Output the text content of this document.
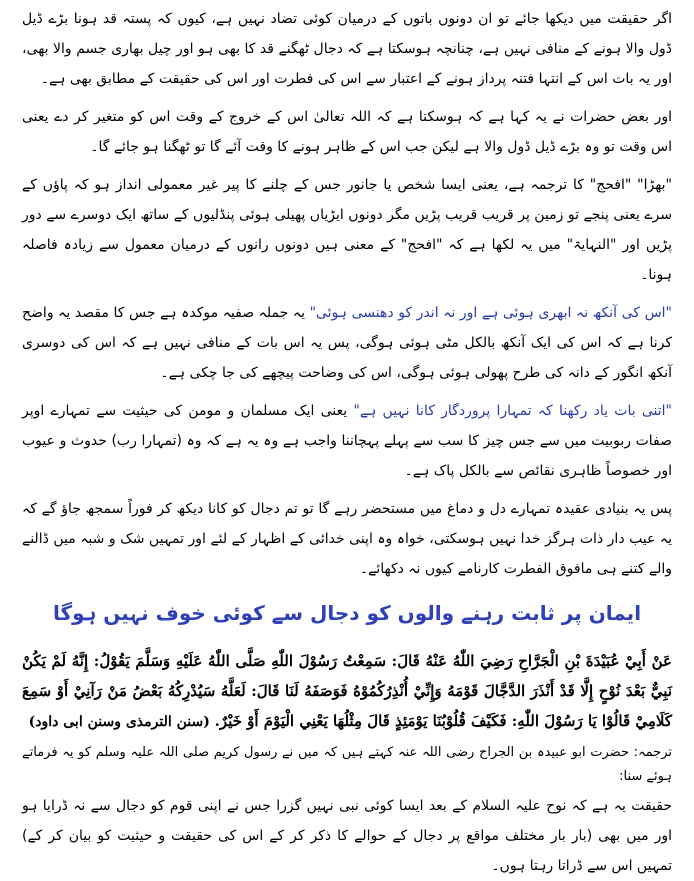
اگر حقیقت میں دیکھا جائے تو ان دونوں باتوں کے درمیان کوئی تضاد نہیں ہے، کیوں کہ پستہ قد ہونا بڑے ڈیل ڈول والا ہونے کے منافی نہیں ہے، چنانچہ ہوسکتا ہے کہ دجال ٹھگنے قد کا بھی ہو اور چیل بھاری جسم والا بھی، اور یہ بات اس کے انتہا فتنہ پرداز ہونے کے اعتبار سے اس کی فطرت اور اس کی حقیقت کے مطابق بھی ہے۔

اور بعض حضرات نے یہ کہا ہے کہ ہوسکتا ہے کہ اللہ تعالیٰ اس کے خروج کے وقت اس کو متغیر کر دے یعنی اس وقت تو وہ بڑے ڈیل ڈول والا ہے لیکن جب اس کے ظاہر ہونے کا وقت آئے گا تو ٹھگنا ہو جائے گا۔

"بھڑا" "افحج" کا ترجمہ ہے، یعنی ایسا شخص یا جانور جس کے چلنے کا پیر غیر معمولی انداز ہو کہ پاؤں کے سرے یعنی پنجے تو زمین پر قریب قریب پڑیں مگر دونوں ایڑیاں پھیلی ہوئی پنڈلیوں کے ساتھ ایک دوسرے سے دور پڑیں اور "النہایۃ" میں یہ لکھا ہے کہ "افحج" کے معنی ہیں دونوں رانوں کے درمیان معمول سے زیادہ فاصلہ ہونا۔

"اس کی آنکھ نہ ابھری ہوئی ہے اور نہ اندر کو دھنسی ہوئی" یہ جملہ صفیہ موکدہ ہے جس کا مقصد یہ واضح کرنا ہے کہ اس کی ایک آنکھ بالکل مٹی ہوئی ہوگی، پس یہ اس بات کے منافی نہیں ہے کہ اس کی دوسری آنکھ انگور کے دانہ کی طرح پھولی ہوئی ہوگی، اس کی وضاحت پیچھے کی جا چکی ہے۔

"اتنی بات یاد رکھنا کہ تمہارا پروردگار کانا نہیں ہے" یعنی ایک مسلمان و مومن کی حیثیت سے تمہارے اوپر صفات ربوبیت میں سے جس چیز کا سب سے پہلے پہچاننا واجب ہے وہ یہ ہے کہ وہ (تمہارا رب) حدوث و عیوب اور خصوصاً ظاہری نقائص سے بالکل پاک ہے۔

پس یہ بنیادی عقیدہ تمہارے دل و دماغ میں مستحضر رہے گا تو تم دجال کو کانا دیکھ کر فوراً سمجھ جاؤ گے کہ یہ عیب دار ذات ہرگز خدا نہیں ہوسکتی، خواہ وہ اپنی خدائی کے اظہار کے لئے اور تمہیں شک و شبہ میں ڈالنے والے کتنے ہی مافوق الفطرت کارنامے کیوں نہ دکھائے۔

ایمان پر ثابت رہنے والوں کو دجال سے کوئی خوف نہیں ہوگا

عَنْ أَبِيْ عُبَيْدَةَ بْنِ الْجَرَّاحِ رَضِيَ اللّٰهُ عَنْهُ قَالَ: سَمِعْتُ رَسُوْلَ اللّٰهِ صَلَّى اللّٰهُ عَلَيْهِ وَسَلَّمَ يَقُوْلُ: إِنَّهُ لَمْ يَكُنْ نَبِيٌّ بَعْدَ نُوْحٍ إِلَّا قَدْ أَنْذَرَ الدَّجَّالَ قَوْمَهُ وَإِنِّيْ أُنْذِرُكُمُوْهُ فَوَصَفَهُ لَنَا قَالَ: لَعَلَّهُ سَيُدْرِكُهُ بَعْضُ مَنْ رَآنِيْ أَوْ سَمِعَ كَلَامِيْ قَالُوْا يَا رَسُوْلَ اللّٰهِ: فَكَيْفَ قُلُوْبُنَا يَوْمَئِذٍ قَالَ مِثْلُهَا يَعْنِي الْيَوْمَ أَوْ خَيْرٌ. (سنن الترمذی وسنن ابی داود)

ترجمہ: حضرت ابو عبیدہ بن الجراح رضی اللہ عنہ کہتے ہیں کہ میں نے رسول کریم صلی اللہ علیہ وسلم کو یہ فرماتے ہوئے سنا:

حقیقت یہ ہے کہ نوح علیہ السلام کے بعد ایسا کوئی نبی نہیں گزرا جس نے اپنی قوم کو دجال سے نہ ڈرایا ہو اور میں بھی (بار بار مختلف مواقع پر دجال کے حوالے کا ذکر کر کے اس کی حقیقت و حیثیت کو بیان کر کے) تمہیں اس سے ڈراتا رہتا ہوں۔
